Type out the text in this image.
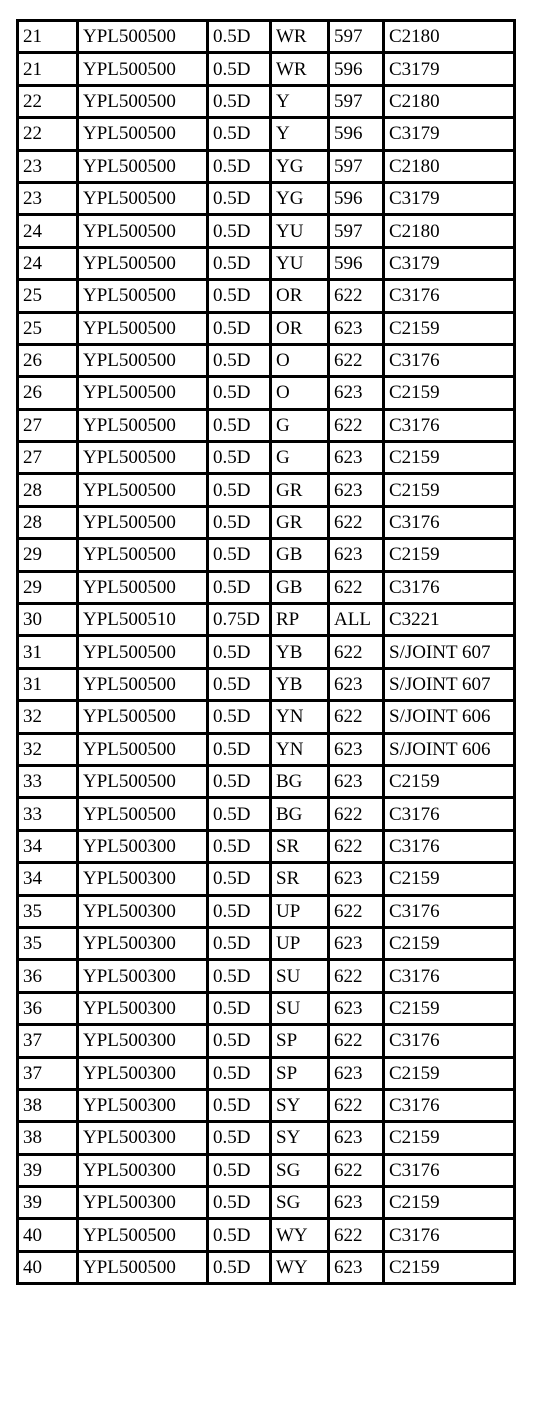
21	YPL500500	0.5D	WR	597	C2180
21	YPL500500	0.5D	WR	596	C3179
22	YPL500500	0.5D	Y	597	C2180
22	YPL500500	0.5D	Y	596	C3179
23	YPL500500	0.5D	YG	597	C2180
23	YPL500500	0.5D	YG	596	C3179
24	YPL500500	0.5D	YU	597	C2180
24	YPL500500	0.5D	YU	596	C3179
25	YPL500500	0.5D	OR	622	C3176
25	YPL500500	0.5D	OR	623	C2159
26	YPL500500	0.5D	O	622	C3176
26	YPL500500	0.5D	O	623	C2159
27	YPL500500	0.5D	G	622	C3176
27	YPL500500	0.5D	G	623	C2159
28	YPL500500	0.5D	GR	623	C2159
28	YPL500500	0.5D	GR	622	C3176
29	YPL500500	0.5D	GB	623	C2159
29	YPL500500	0.5D	GB	622	C3176
30	YPL500510	0.75D	RP	ALL	C3221
31	YPL500500	0.5D	YB	622	S/JOINT 607
31	YPL500500	0.5D	YB	623	S/JOINT 607
32	YPL500500	0.5D	YN	622	S/JOINT 606
32	YPL500500	0.5D	YN	623	S/JOINT 606
33	YPL500500	0.5D	BG	623	C2159
33	YPL500500	0.5D	BG	622	C3176
34	YPL500300	0.5D	SR	622	C3176
34	YPL500300	0.5D	SR	623	C2159
35	YPL500300	0.5D	UP	622	C3176
35	YPL500300	0.5D	UP	623	C2159
36	YPL500300	0.5D	SU	622	C3176
36	YPL500300	0.5D	SU	623	C2159
37	YPL500300	0.5D	SP	622	C3176
37	YPL500300	0.5D	SP	623	C2159
38	YPL500300	0.5D	SY	622	C3176
38	YPL500300	0.5D	SY	623	C2159
39	YPL500300	0.5D	SG	622	C3176
39	YPL500300	0.5D	SG	623	C2159
40	YPL500500	0.5D	WY	622	C3176
40	YPL500500	0.5D	WY	623	C2159
